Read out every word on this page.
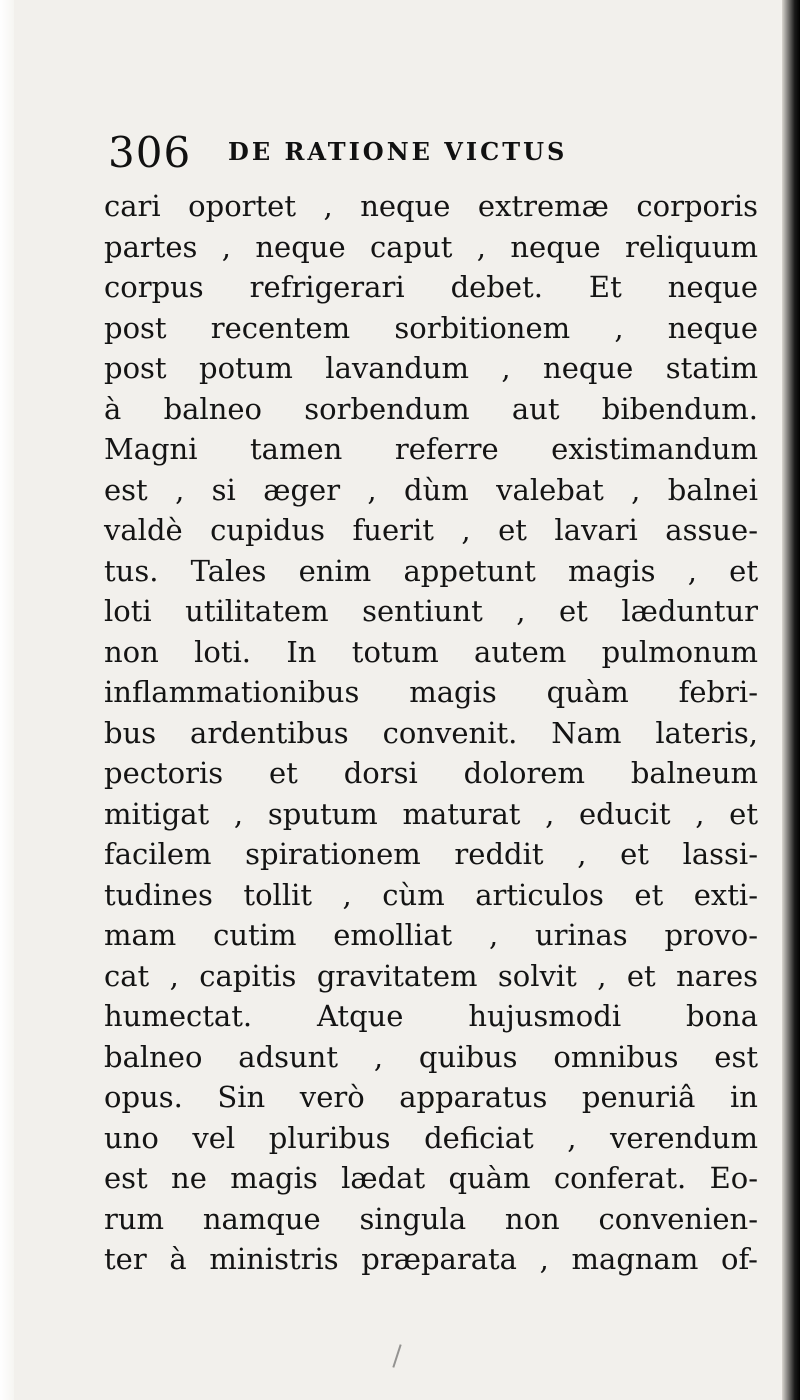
306 DE RATIONE VICTUS
cari oportet , neque extremæ corporis
partes , neque caput , neque reliquum
corpus refrigerari debet. Et neque
post recentem sorbitionem , neque
post potum lavandum , neque statim
à balneo sorbendum aut bibendum.
Magni tamen referre existimandum
est , si æger , dùm valebat , balnei
valdè cupidus fuerit , et lavari assue-
tus. Tales enim appetunt magis , et
loti utilitatem sentiunt , et læduntur
non loti. In totum autem pulmonum
inflammationibus magis quàm febri-
bus ardentibus convenit. Nam lateris,
pectoris et dorsi dolorem balneum
mitigat , sputum maturat , educit , et
facilem spirationem reddit , et lassi-
tudines tollit , cùm articulos et exti-
mam cutim emolliat , urinas provo-
cat , capitis gravitatem solvit , et nares
humectat. Atque hujusmodi bona
balneo adsunt , quibus omnibus est
opus. Sin verò apparatus penuriâ in
uno vel pluribus deficiat , verendum
est ne magis lædat quàm conferat. Eo-
rum namque singula non convenien-
ter à ministris præparata , magnam of-
